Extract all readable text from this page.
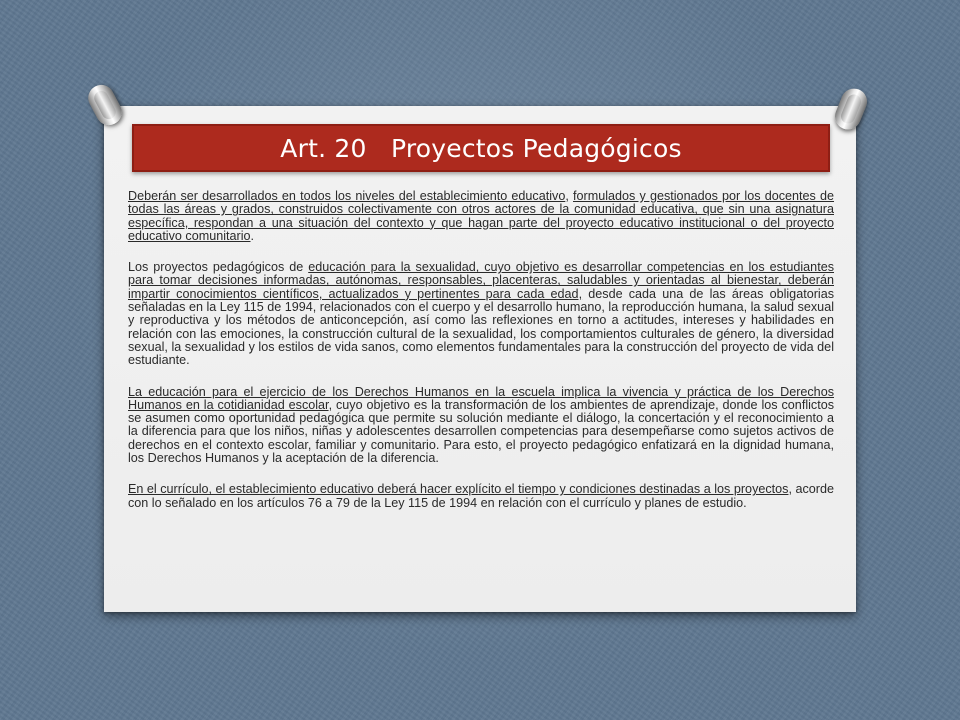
Art. 20   Proyectos Pedagógicos

Deberán ser desarrollados en todos los niveles del establecimiento educativo, formulados y gestionados por los docentes de todas las áreas y grados, construidos colectivamente con otros actores de la comunidad educativa, que sin una asignatura específica, respondan a una situación del contexto y que hagan parte del proyecto educativo institucional o del proyecto educativo comunitario.

Los proyectos pedagógicos de educación para la sexualidad, cuyo objetivo es desarrollar competencias en los estudiantes para tomar decisiones informadas, autónomas, responsables, placenteras, saludables y orientadas al bienestar, deberán impartir conocimientos científicos, actualizados y pertinentes para cada edad, desde cada una de las áreas obligatorias señaladas en la Ley 115 de 1994, relacionados con el cuerpo y el desarrollo humano, la reproducción humana, la salud sexual y reproductiva y los métodos de anticoncepción, así como las reflexiones en torno a actitudes, intereses y habilidades en relación con las emociones, la construcción cultural de la sexualidad, los comportamientos culturales de género, la diversidad sexual, la sexualidad y los estilos de vida sanos, como elementos fundamentales para la construcción del proyecto de vida del estudiante.

La educación para el ejercicio de los Derechos Humanos en la escuela implica la vivencia y práctica de los Derechos Humanos en la cotidianidad escolar, cuyo objetivo es la transformación de los ambientes de aprendizaje, donde los conflictos se asumen como oportunidad pedagógica que permite su solución mediante el diálogo, la concertación y el reconocimiento a la diferencia para que los niños, niñas y adolescentes desarrollen competencias para desempeñarse como sujetos activos de derechos en el contexto escolar, familiar y comunitario. Para esto, el proyecto pedagógico enfatizará en la dignidad humana, los Derechos Humanos y la aceptación de la diferencia.

En el currículo, el establecimiento educativo deberá hacer explícito el tiempo y condiciones destinadas a los proyectos, acorde con lo señalado en los artículos 76 a 79 de la Ley 115 de 1994 en relación con el currículo y planes de estudio.
